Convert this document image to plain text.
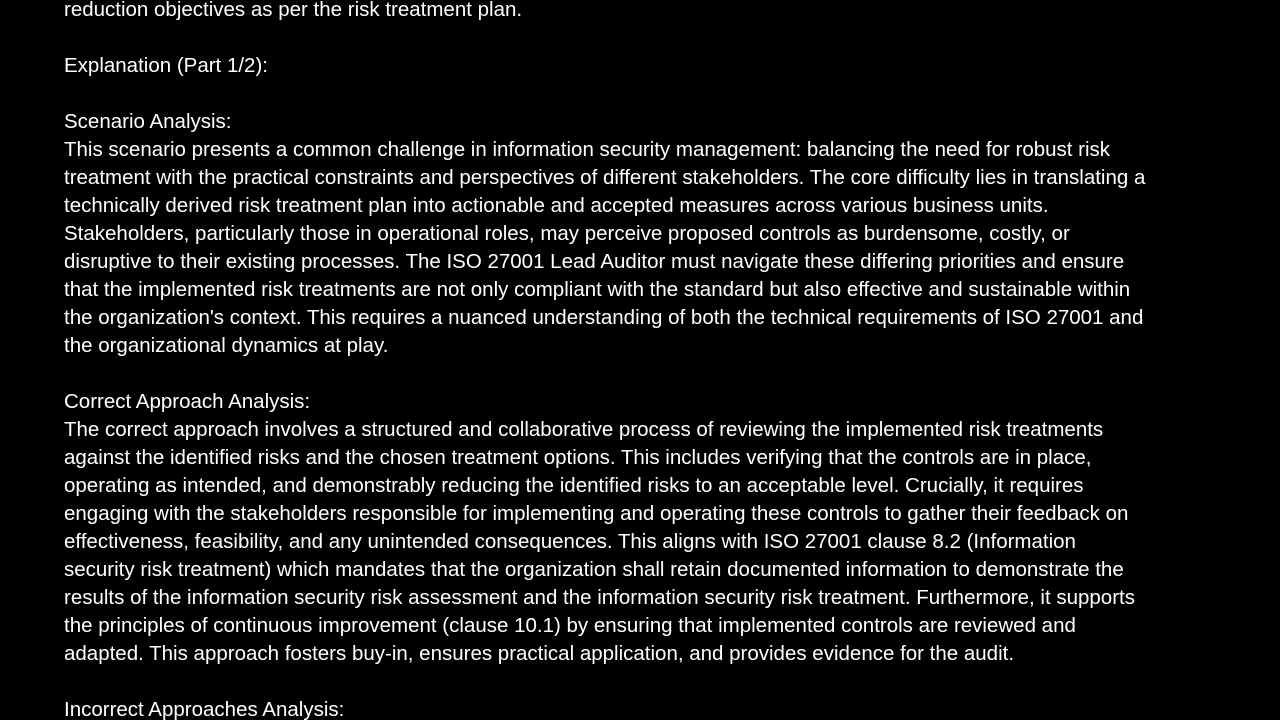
reduction objectives as per the risk treatment plan.
Explanation (Part 1/2):
Scenario Analysis:
This scenario presents a common challenge in information security management: balancing the need for robust risk
treatment with the practical constraints and perspectives of different stakeholders. The core difficulty lies in translating a
technically derived risk treatment plan into actionable and accepted measures across various business units.
Stakeholders, particularly those in operational roles, may perceive proposed controls as burdensome, costly, or
disruptive to their existing processes. The ISO 27001 Lead Auditor must navigate these differing priorities and ensure
that the implemented risk treatments are not only compliant with the standard but also effective and sustainable within
the organization's context. This requires a nuanced understanding of both the technical requirements of ISO 27001 and
the organizational dynamics at play.
Correct Approach Analysis:
The correct approach involves a structured and collaborative process of reviewing the implemented risk treatments
against the identified risks and the chosen treatment options. This includes verifying that the controls are in place,
operating as intended, and demonstrably reducing the identified risks to an acceptable level. Crucially, it requires
engaging with the stakeholders responsible for implementing and operating these controls to gather their feedback on
effectiveness, feasibility, and any unintended consequences. This aligns with ISO 27001 clause 8.2 (Information
security risk treatment) which mandates that the organization shall retain documented information to demonstrate the
results of the information security risk assessment and the information security risk treatment. Furthermore, it supports
the principles of continuous improvement (clause 10.1) by ensuring that implemented controls are reviewed and
adapted. This approach fosters buy-in, ensures practical application, and provides evidence for the audit.
Incorrect Approaches Analysis:
